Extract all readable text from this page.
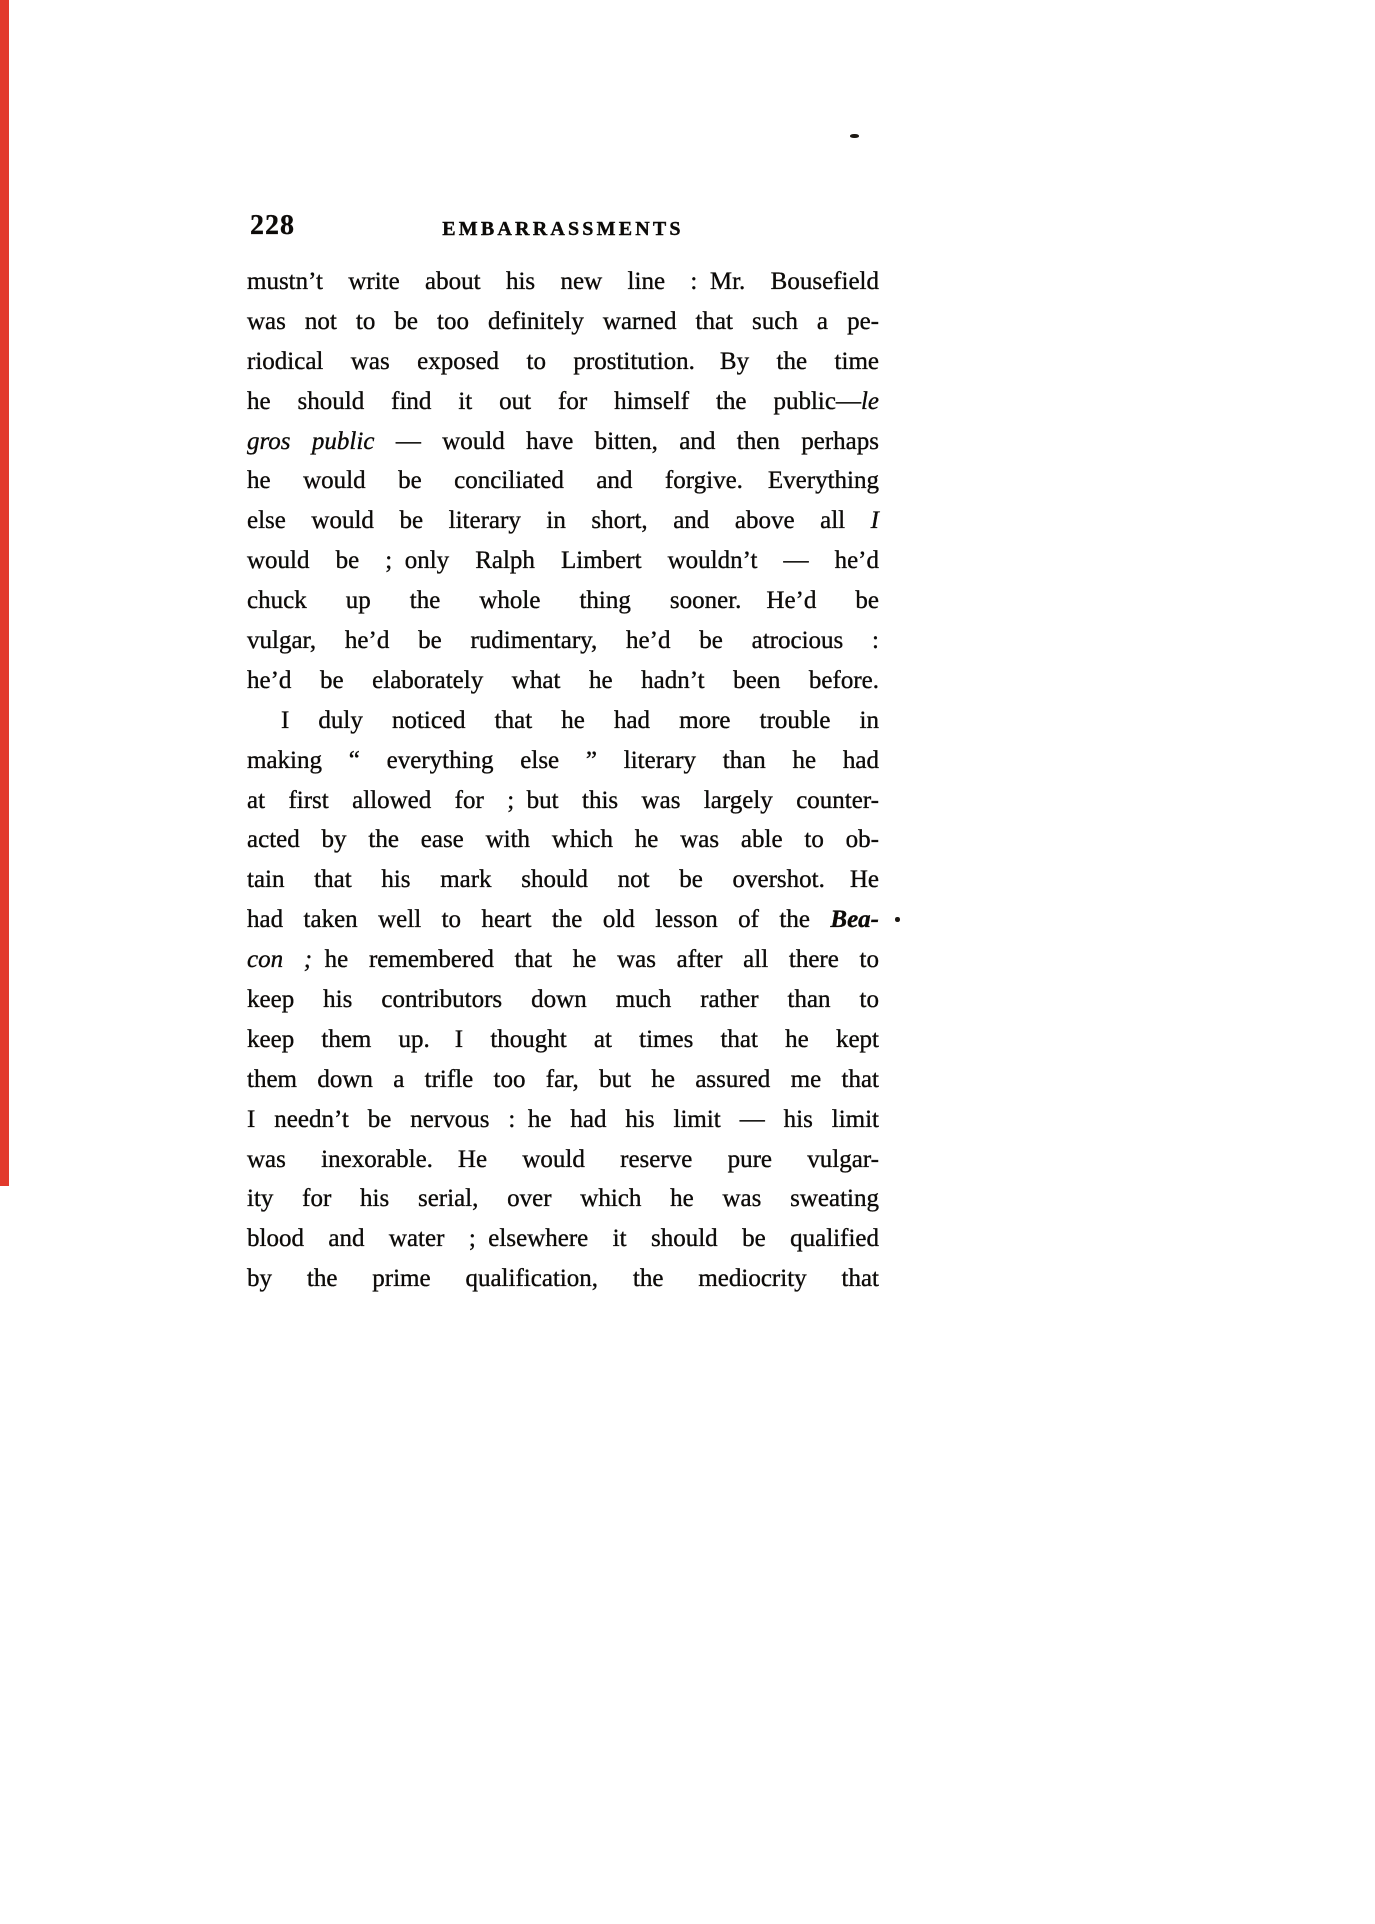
228	EMBARRASSMENTS
mustn’t write about his new line : Mr. Bousefield
was not to be too definitely warned that such a pe-
riodical was exposed to prostitution.  By the time
he should find it out for himself the public—le
gros public — would have bitten, and then perhaps
he would be conciliated and forgive.  Everything
else would be literary in short, and above all I
would be ; only Ralph Limbert wouldn’t — he’d
chuck up the whole thing sooner.  He’d be
vulgar, he’d be rudimentary, he’d be atrocious :
he’d be elaborately what he hadn’t been before.
I duly noticed that he had more trouble in
making “ everything else ” literary than he had
at first allowed for ; but this was largely counter-
acted by the ease with which he was able to ob-
tain that his mark should not be overshot.  He
had taken well to heart the old lesson of the Bea-
con ; he remembered that he was after all there to
keep his contributors down much rather than to
keep them up.  I thought at times that he kept
them down a trifle too far, but he assured me that
I needn’t be nervous : he had his limit — his limit
was inexorable.  He would reserve pure vulgar-
ity for his serial, over which he was sweating
blood and water ; elsewhere it should be qualified
by the prime qualification, the mediocrity that
